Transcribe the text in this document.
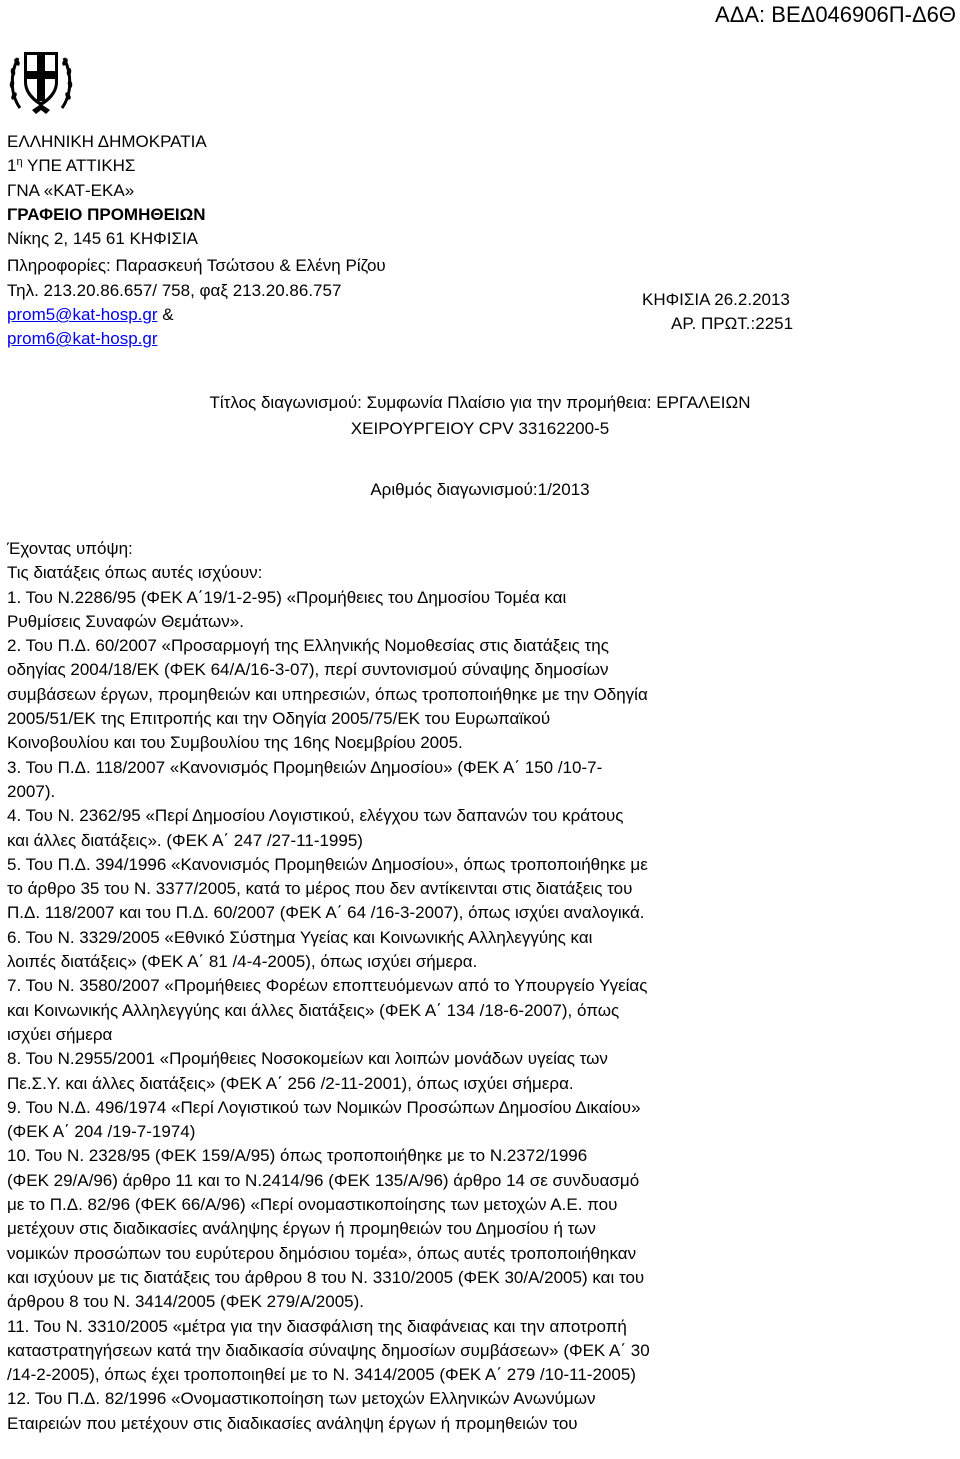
ΑΔΑ: ΒΕΔ046906Π-Δ6Θ
ΕΛΛΗΝΙΚΗ ΔΗΜΟΚΡΑΤΙΑ
$1^\eta$ ΥΠΕ ΑΤΤΙΚΗΣ
ΓΝΑ «ΚΑΤ-ΕΚΑ»
ΓΡΑΦΕΙΟ ΠΡΟΜΗΘΕΙΩΝ
Νίκης 2, 145 61 ΚΗΦΙΣΙΑ
Πληροφορίες: Παρασκευή Τσώτσου & Ελένη Ρίζου
Τηλ. 213.20.86.657/ 758, φαξ 213.20.86.757
prom5@kat-hosp.gr &
prom6@kat-hosp.gr
ΚΗΦΙΣΙΑ 26.2.2013
ΑΡ. ΠΡΩΤ.:2251
Τίτλος διαγωνισμού: Συμφωνία Πλαίσιο για την προμήθεια: ΕΡΓΑΛΕΙΩΝ
ΧΕΙΡΟΥΡΓΕΙΟΥ CPV 33162200-5
Αριθμός διαγωνισμού:1/2013
Έχοντας υπόψη:
Τις διατάξεις όπως αυτές ισχύουν:
1. Του Ν.2286/95 (ΦΕΚ Α΄19/1-2-95) «Προμήθειες του Δημοσίου Τομέα και
Ρυθμίσεις Συναφών Θεμάτων».
2. Του Π.Δ. 60/2007 «Προσαρμογή της Ελληνικής Νομοθεσίας στις διατάξεις της
οδηγίας 2004/18/ΕΚ (ΦΕΚ 64/Α/16-3-07), περί συντονισμού σύναψης δημοσίων
συμβάσεων έργων, προμηθειών και υπηρεσιών, όπως τροποποιήθηκε με την Οδηγία
2005/51/ΕΚ της Επιτροπής και την Οδηγία 2005/75/ΕΚ του Ευρωπαϊκού
Κοινοβουλίου και του Συμβουλίου της 16ης Νοεμβρίου 2005.
3. Του Π.Δ. 118/2007 «Κανονισμός Προμηθειών Δημοσίου» (ΦΕΚ Α΄ 150 /10-7-
2007).
4. Του Ν. 2362/95 «Περί Δημοσίου Λογιστικού, ελέγχου των δαπανών του κράτους
και άλλες διατάξεις». (ΦΕΚ Α΄ 247 /27-11-1995)
5. Του Π.Δ. 394/1996 «Κανονισμός Προμηθειών Δημοσίου», όπως τροποποιήθηκε με
το άρθρο 35 του Ν. 3377/2005, κατά το μέρος που δεν αντίκεινται στις διατάξεις του
Π.Δ. 118/2007 και του Π.Δ. 60/2007 (ΦΕΚ Α΄ 64 /16-3-2007), όπως ισχύει αναλογικά.
6. Του Ν. 3329/2005 «Εθνικό Σύστημα Υγείας και Κοινωνικής Αλληλεγγύης και
λοιπές διατάξεις» (ΦΕΚ Α΄ 81 /4-4-2005), όπως ισχύει σήμερα.
7. Του Ν. 3580/2007 «Προμήθειες Φορέων εποπτευόμενων από το Υπουργείο Υγείας
και Κοινωνικής Αλληλεγγύης και άλλες διατάξεις» (ΦΕΚ Α΄ 134 /18-6-2007), όπως
ισχύει σήμερα
8. Του Ν.2955/2001 «Προμήθειες Νοσοκομείων και λοιπών μονάδων υγείας των
Πε.Σ.Υ. και άλλες διατάξεις» (ΦΕΚ Α΄ 256 /2-11-2001), όπως ισχύει σήμερα.
9. Του Ν.Δ. 496/1974 «Περί Λογιστικού των Νομικών Προσώπων Δημοσίου Δικαίου»
(ΦΕΚ Α΄ 204 /19-7-1974)
10. Του Ν. 2328/95 (ΦΕΚ 159/Α/95) όπως τροποποιήθηκε με το Ν.2372/1996
(ΦΕΚ 29/Α/96) άρθρο 11 και το Ν.2414/96 (ΦΕΚ 135/Α/96) άρθρο 14 σε συνδυασμό
με το Π.Δ. 82/96 (ΦΕΚ 66/Α/96) «Περί ονομαστικοποίησης των μετοχών Α.Ε. που
μετέχουν στις διαδικασίες ανάληψης έργων ή προμηθειών του Δημοσίου ή των
νομικών προσώπων του ευρύτερου δημόσιου τομέα», όπως αυτές τροποποιήθηκαν
και ισχύουν με τις διατάξεις του άρθρου 8 του Ν. 3310/2005 (ΦΕΚ 30/Α/2005) και του
άρθρου 8 του Ν. 3414/2005 (ΦΕΚ 279/Α/2005).
11. Του Ν. 3310/2005 «μέτρα για την διασφάλιση της διαφάνειας και την αποτροπή
καταστρατηγήσεων κατά την διαδικασία σύναψης δημοσίων συμβάσεων» (ΦΕΚ Α΄ 30
/14-2-2005), όπως έχει τροποποιηθεί με το Ν. 3414/2005 (ΦΕΚ Α΄ 279 /10-11-2005)
12. Του Π.Δ. 82/1996 «Ονομαστικοποίηση των μετοχών Ελληνικών Ανωνύμων
Εταιρειών που μετέχουν στις διαδικασίες ανάληψη έργων ή προμηθειών του
